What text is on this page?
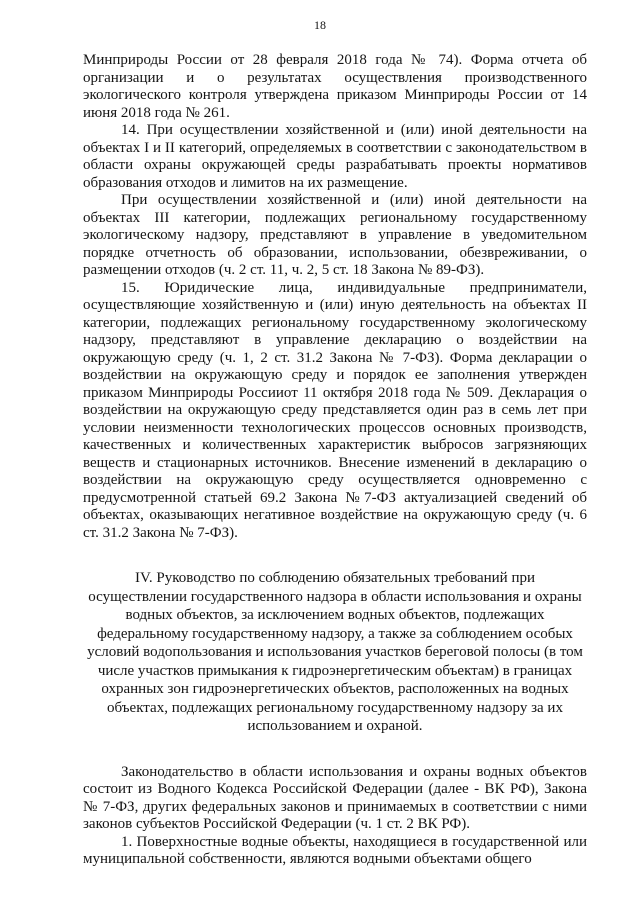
18

Минприроды России от 28 февраля 2018 года № 74). Форма отчета об организации и о результатах осуществления производственного экологического контроля утверждена приказом Минприроды России от 14 июня 2018 года № 261.

14. При осуществлении хозяйственной и (или) иной деятельности на объектах I и II категорий, определяемых в соответствии с законодательством в области охраны окружающей среды разрабатывать проекты нормативов образования отходов и лимитов на их размещение.

При осуществлении хозяйственной и (или) иной деятельности на объектах III категории, подлежащих региональному государственному экологическому надзору, представляют в управление в уведомительном порядке отчетность об образовании, использовании, обезвреживании, о размещении отходов (ч. 2 ст. 11, ч. 2, 5 ст. 18 Закона № 89-ФЗ).

15. Юридические лица, индивидуальные предприниматели, осуществляющие хозяйственную и (или) иную деятельность на объектах II категории, подлежащих региональному государственному экологическому надзору, представляют в управление декларацию о воздействии на окружающую среду (ч. 1, 2 ст. 31.2 Закона № 7-ФЗ). Форма декларации о воздействии на окружающую среду и порядок ее заполнения утвержден приказом Минприроды Россииот 11 октября 2018 года № 509. Декларация о воздействии на окружающую среду представляется один раз в семь лет при условии неизменности технологических процессов основных производств, качественных и количественных характеристик выбросов загрязняющих веществ и стационарных источников. Внесение изменений в декларацию о воздействии на окружающую среду осуществляется одновременно с предусмотренной статьей 69.2 Закона №7-ФЗ актуализацией сведений об объектах, оказывающих негативное воздействие на окружающую среду (ч. 6 ст. 31.2 Закона № 7-ФЗ).

IV. Руководство по соблюдению обязательных требований при осуществлении государственного надзора в области использования и охраны водных объектов, за исключением водных объектов, подлежащих федеральному государственному надзору, а также за соблюдением особых условий водопользования и использования участков береговой полосы (в том числе участков примыкания к гидроэнергетическим объектам) в границах охранных зон гидроэнергетических объектов, расположенных на водных объектах, подлежащих региональному государственному надзору за их использованием и охраной.

Законодательство в области использования и охраны водных объектов состоит из Водного Кодекса Российской Федерации (далее - ВК РФ), Закона № 7-ФЗ, других федеральных законов и принимаемых в соответствии с ними законов субъектов Российской Федерации (ч. 1 ст. 2 ВК РФ).

1. Поверхностные водные объекты, находящиеся в государственной или муниципальной собственности, являются водными объектами общего
